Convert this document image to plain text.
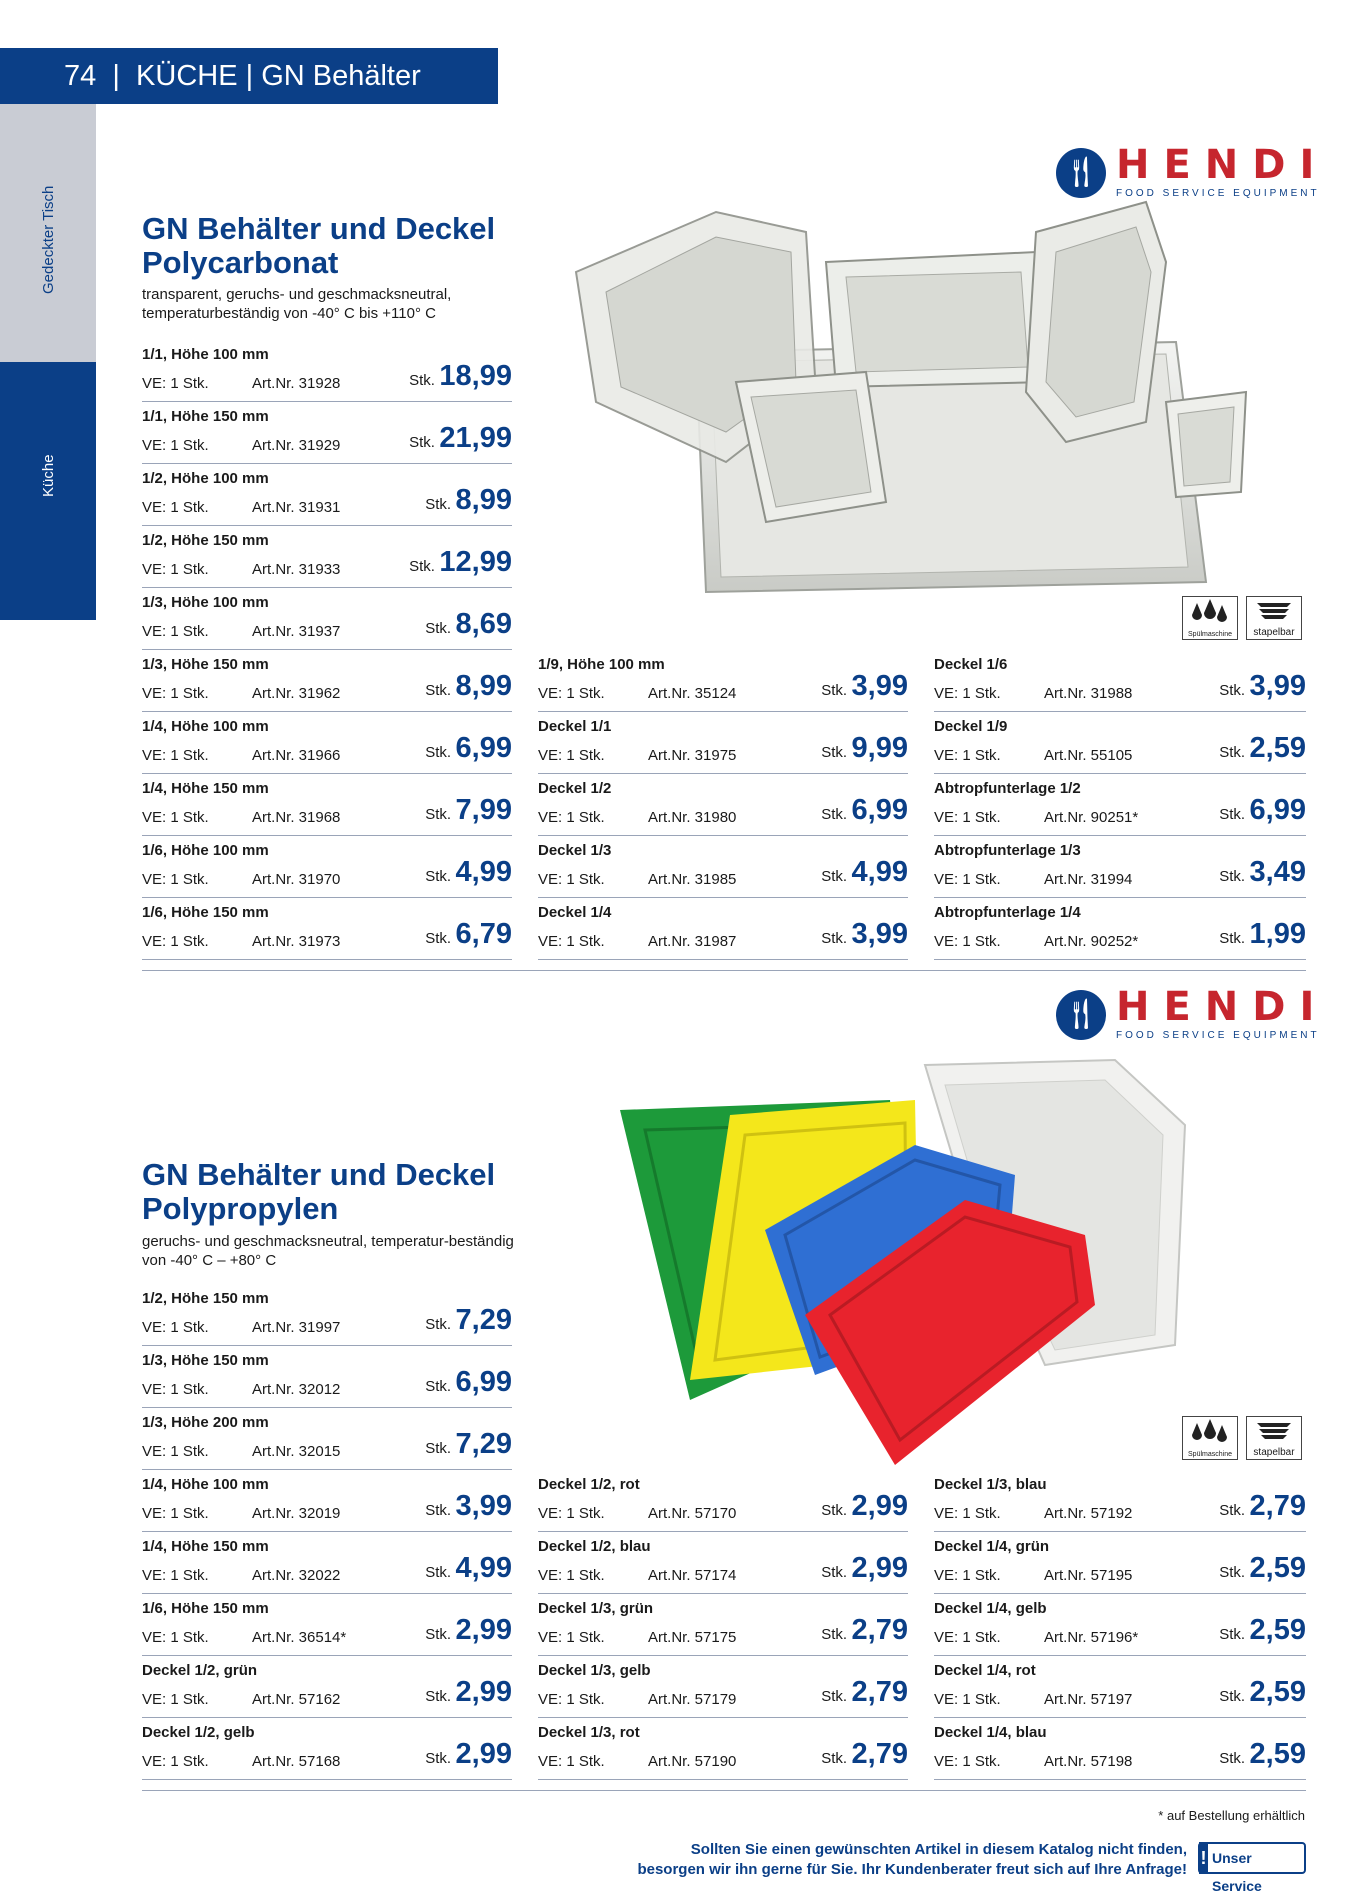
74  |  KÜCHE | GN Behälter
Gedeckter Tisch
Küche
🍴︎ HENDI
FOOD SERVICE EQUIPMENT
GN Behälter und Deckel Polycarbonat
transparent, geruchs- und geschmacksneutral, temperaturbeständig von -40° C bis +110° C
Spülmaschine	stapelbar
1/1, Höhe 100 mm
VE: 1 Stk.	Art.Nr. 31928	Stk. 18,99
1/1, Höhe 150 mm
VE: 1 Stk.	Art.Nr. 31929	Stk. 21,99
1/2, Höhe 100 mm
VE: 1 Stk.	Art.Nr. 31931	Stk. 8,99
1/2, Höhe 150 mm
VE: 1 Stk.	Art.Nr. 31933	Stk. 12,99
1/3, Höhe 100 mm
VE: 1 Stk.	Art.Nr. 31937	Stk. 8,69
1/3, Höhe 150 mm
VE: 1 Stk.	Art.Nr. 31962	Stk. 8,99
1/4, Höhe 100 mm
VE: 1 Stk.	Art.Nr. 31966	Stk. 6,99
1/4, Höhe 150 mm
VE: 1 Stk.	Art.Nr. 31968	Stk. 7,99
1/6, Höhe 100 mm
VE: 1 Stk.	Art.Nr. 31970	Stk. 4,99
1/6, Höhe 150 mm
VE: 1 Stk.	Art.Nr. 31973	Stk. 6,79
1/9, Höhe 100 mm
VE: 1 Stk.	Art.Nr. 35124	Stk. 3,99
Deckel 1/1
VE: 1 Stk.	Art.Nr. 31975	Stk. 9,99
Deckel 1/2
VE: 1 Stk.	Art.Nr. 31980	Stk. 6,99
Deckel 1/3
VE: 1 Stk.	Art.Nr. 31985	Stk. 4,99
Deckel 1/4
VE: 1 Stk.	Art.Nr. 31987	Stk. 3,99
Deckel 1/6
VE: 1 Stk.	Art.Nr. 31988	Stk. 3,99
Deckel 1/9
VE: 1 Stk.	Art.Nr. 55105	Stk. 2,59
Abtropfunterlage 1/2
VE: 1 Stk.	Art.Nr. 90251*	Stk. 6,99
Abtropfunterlage 1/3
VE: 1 Stk.	Art.Nr. 31994	Stk. 3,49
Abtropfunterlage 1/4
VE: 1 Stk.	Art.Nr. 90252*	Stk. 1,99
🍴︎ HENDI
FOOD SERVICE EQUIPMENT
GN Behälter und Deckel Polypropylen
geruchs- und geschmacksneutral, temperatur-beständig von -40° C – +80° C
Spülmaschine	stapelbar
1/2, Höhe 150 mm
VE: 1 Stk.	Art.Nr. 31997	Stk. 7,29
1/3, Höhe 150 mm
VE: 1 Stk.	Art.Nr. 32012	Stk. 6,99
1/3, Höhe 200 mm
VE: 1 Stk.	Art.Nr. 32015	Stk. 7,29
1/4, Höhe 100 mm
VE: 1 Stk.	Art.Nr. 32019	Stk. 3,99
1/4, Höhe 150 mm
VE: 1 Stk.	Art.Nr. 32022	Stk. 4,99
1/6, Höhe 150 mm
VE: 1 Stk.	Art.Nr. 36514*	Stk. 2,99
Deckel 1/2, grün
VE: 1 Stk.	Art.Nr. 57162	Stk. 2,99
Deckel 1/2, gelb
VE: 1 Stk.	Art.Nr. 57168	Stk. 2,99
Deckel 1/2, rot
VE: 1 Stk.	Art.Nr. 57170	Stk. 2,99
Deckel 1/2, blau
VE: 1 Stk.	Art.Nr. 57174	Stk. 2,99
Deckel 1/3, grün
VE: 1 Stk.	Art.Nr. 57175	Stk. 2,79
Deckel 1/3, gelb
VE: 1 Stk.	Art.Nr. 57179	Stk. 2,79
Deckel 1/3, rot
VE: 1 Stk.	Art.Nr. 57190	Stk. 2,79
Deckel 1/3, blau
VE: 1 Stk.	Art.Nr. 57192	Stk. 2,79
Deckel 1/4, grün
VE: 1 Stk.	Art.Nr. 57195	Stk. 2,59
Deckel 1/4, gelb
VE: 1 Stk.	Art.Nr. 57196*	Stk. 2,59
Deckel 1/4, rot
VE: 1 Stk.	Art.Nr. 57197	Stk. 2,59
Deckel 1/4, blau
VE: 1 Stk.	Art.Nr. 57198	Stk. 2,59
* auf Bestellung erhältlich
Sollten Sie einen gewünschten Artikel in diesem Katalog nicht finden,
besorgen wir ihn gerne für Sie. Ihr Kundenberater freut sich auf Ihre Anfrage!
! Unser Service
